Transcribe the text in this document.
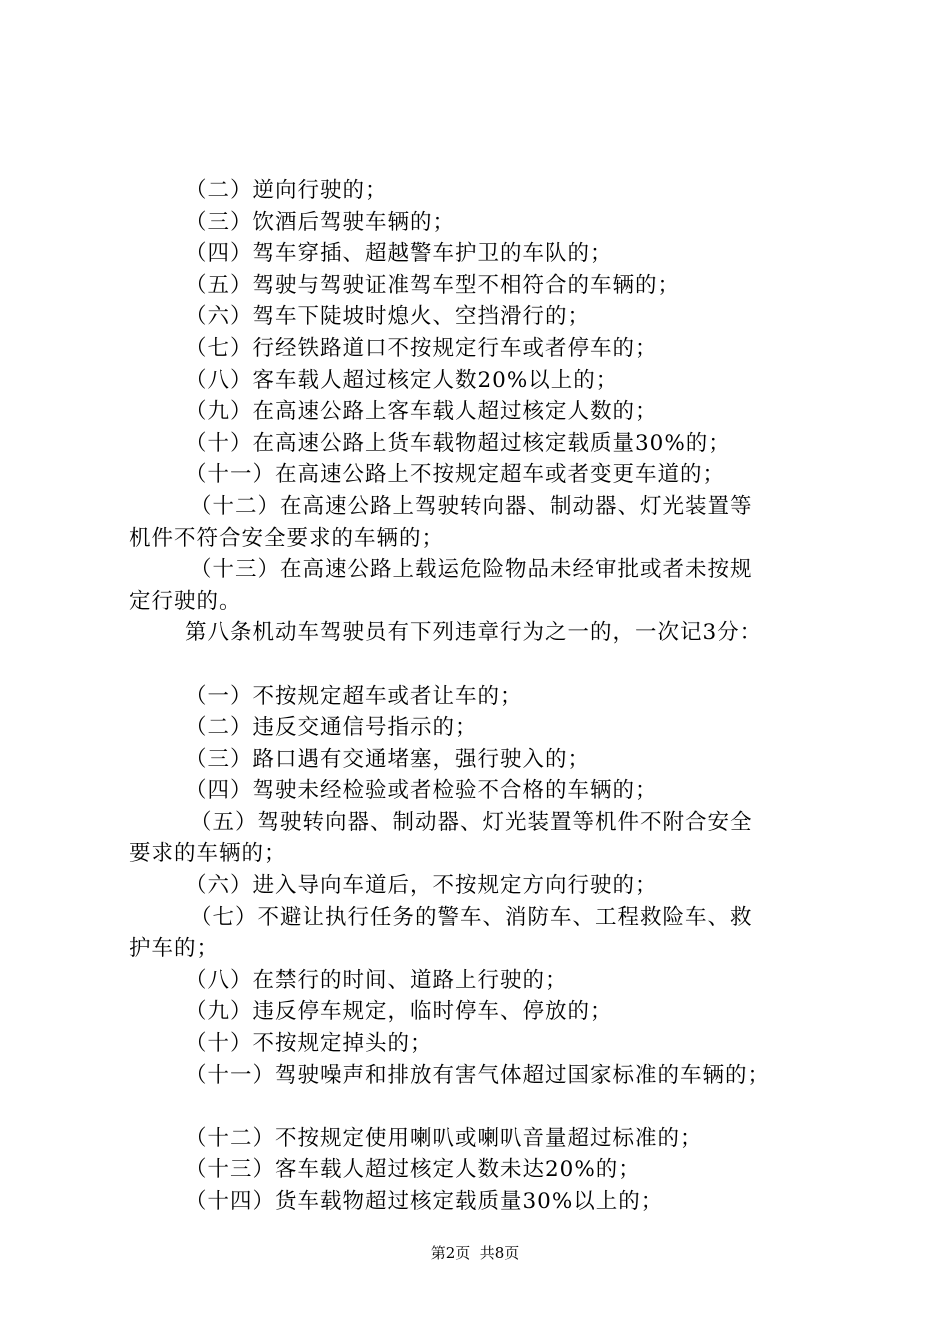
（二）逆向行驶的；
（三）饮酒后驾驶车辆的；
（四）驾车穿插、超越警车护卫的车队的；
（五）驾驶与驾驶证准驾车型不相符合的车辆的；
（六）驾车下陡坡时熄火、空挡滑行的；
（七）行经铁路道口不按规定行车或者停车的；
（八）客车载人超过核定人数20%以上的；
（九）在高速公路上客车载人超过核定人数的；
（十）在高速公路上货车载物超过核定载质量30%的；
（十一）在高速公路上不按规定超车或者变更车道的；
（十二）在高速公路上驾驶转向器、制动器、灯光装置等
机件不符合安全要求的车辆的；
（十三）在高速公路上载运危险物品未经审批或者未按规
定行驶的。
第八条机动车驾驶员有下列违章行为之一的，一次记3分：
（一）不按规定超车或者让车的；
（二）违反交通信号指示的；
（三）路口遇有交通堵塞，强行驶入的；
（四）驾驶未经检验或者检验不合格的车辆的；
（五）驾驶转向器、制动器、灯光装置等机件不附合安全
要求的车辆的；
（六）进入导向车道后，不按规定方向行驶的；
（七）不避让执行任务的警车、消防车、工程救险车、救
护车的；
（八）在禁行的时间、道路上行驶的；
（九）违反停车规定，临时停车、停放的；
（十）不按规定掉头的；
（十一）驾驶噪声和排放有害气体超过国家标准的车辆的；
（十二）不按规定使用喇叭或喇叭音量超过标准的；
（十三）客车载人超过核定人数未达20%的；
（十四）货车载物超过核定载质量30%以上的；
第2页  共8页
